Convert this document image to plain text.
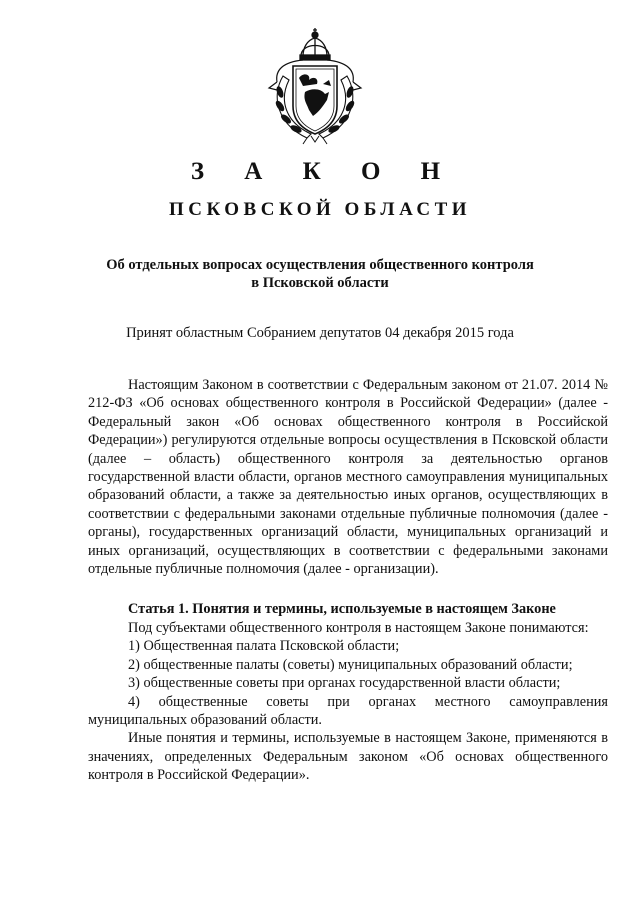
З А К О Н
ПСКОВСКОЙ ОБЛАСТИ
Об отдельных вопросах осуществления общественного контроля
в Псковской области
Принят областным Собранием депутатов 04 декабря 2015 года

Настоящим Законом в соответствии с Федеральным законом от 21.07. 2014 № 212-ФЗ «Об основах общественного контроля в Российской Федерации» (далее - Федеральный закон «Об основах общественного контроля в Российской Федерации») регулируются отдельные вопросы осуществления в Псковской области (далее – область) общественного контроля за деятельностью органов государственной власти области, органов местного самоуправления муниципальных образований области, а также за деятельностью иных органов, осуществляющих в соответствии с федеральными законами отдельные публичные полномочия (далее - органы), государственных организаций области, муниципальных организаций и иных организаций, осуществляющих в соответствии с федеральными законами отдельные публичные полномочия (далее - организации).

Статья 1. Понятия и термины, используемые в настоящем Законе

Под субъектами общественного контроля в настоящем Законе понимаются:

1) Общественная палата Псковской области;

2) общественные палаты (советы) муниципальных образований области;

3) общественные советы при органах государственной власти области;

4) общественные советы при органах местного самоуправления муниципальных образований области.

Иные понятия и термины, используемые в настоящем Законе, применяются в значениях, определенных Федеральным законом «Об основах общественного контроля в Российской Федерации».
